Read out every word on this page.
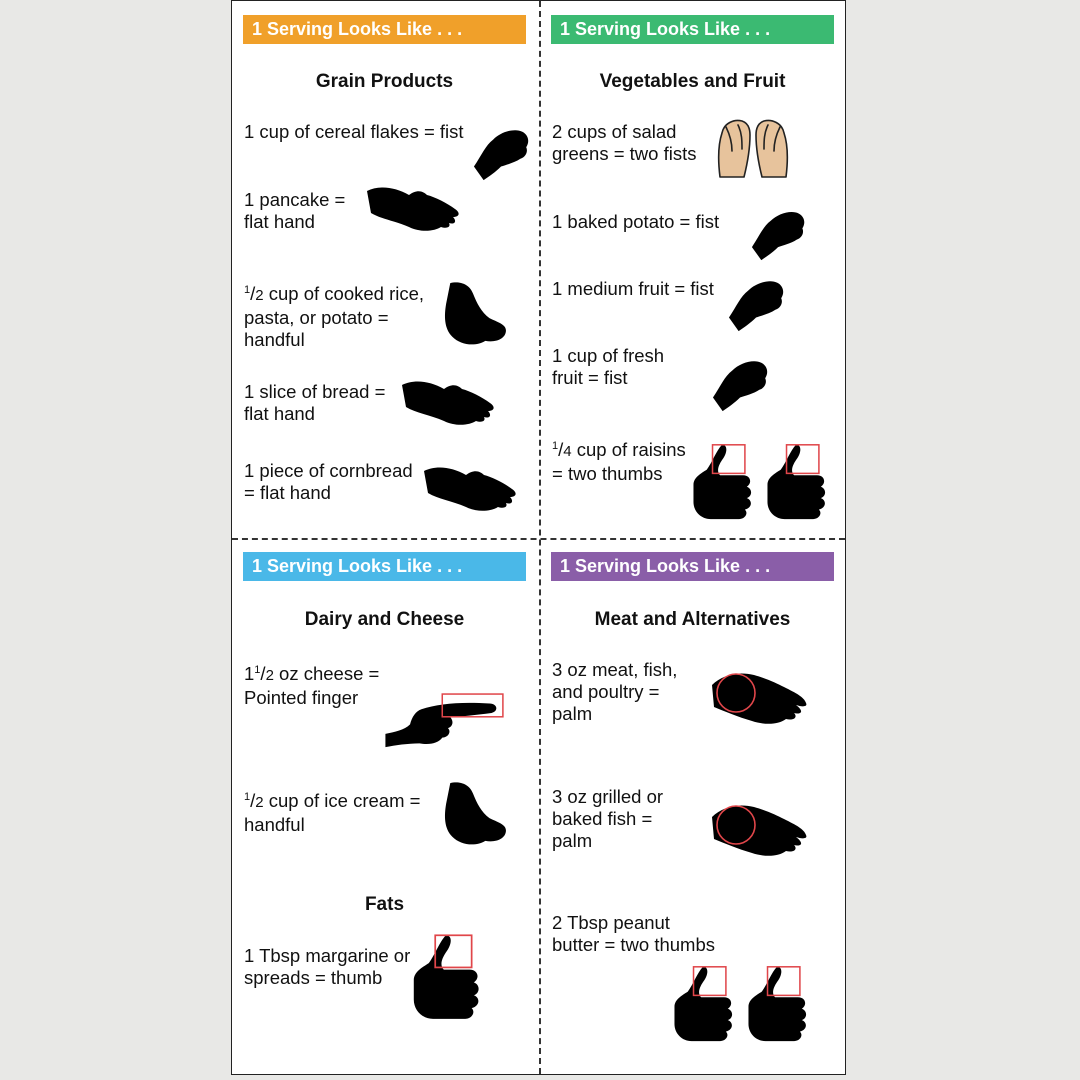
1 Serving Looks Like . . .
Grain Products
1 cup of cereal flakes = fist
1 pancake =
flat hand
$^1$/2 cup of cooked rice,
pasta, or potato =
handful
1 slice of bread =
flat hand
1 piece of cornbread
= flat hand
1 Serving Looks Like . . .
Vegetables and Fruit
2 cups of salad
greens = two fists
1 baked potato = fist
1 medium fruit = fist
1 cup of fresh
fruit = fist
$^1$/4 cup of raisins
= two thumbs
1 Serving Looks Like . . .
Dairy and Cheese
$1^1/2$ oz cheese =
Pointed finger
$^1$/2 cup of ice cream =
handful
Fats
1 Tbsp margarine or
spreads = thumb
1 Serving Looks Like . . .
Meat and Alternatives
3 oz meat, fish,
and poultry =
palm
3 oz grilled or
baked fish =
palm
2 Tbsp peanut
butter = two thumbs
